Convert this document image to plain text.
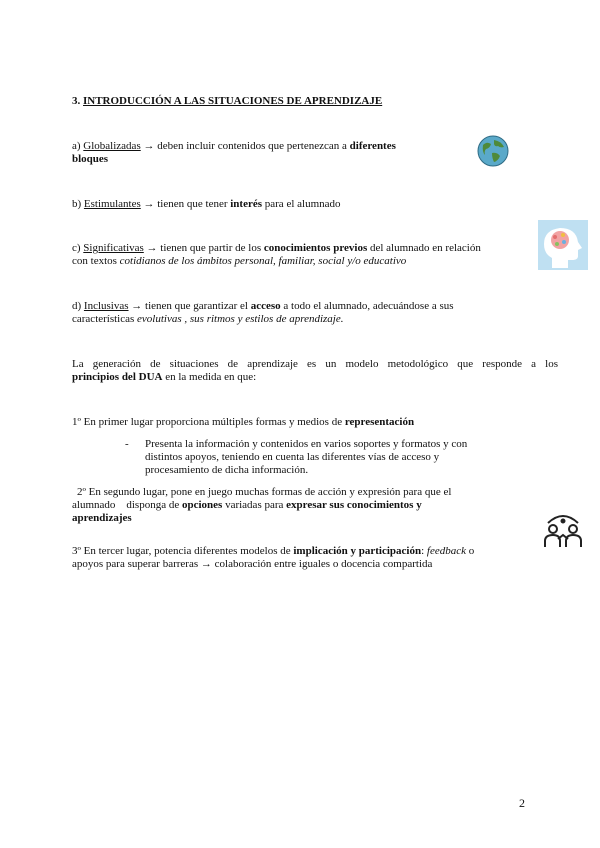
3. INTRODUCCIÓN A LAS SITUACIONES DE APRENDIZAJE
a) Globalizadas → deben incluir contenidos que pertenezcan a diferentes
bloques
b) Estimulantes → tienen que tener interés para el alumnado
c) Significativas → tienen que partir de los conocimientos previos del alumnado en relación
con textos cotidianos de los ámbitos personal, familiar, social y/o educativo
d) Inclusivas → tienen que garantizar el acceso a todo el alumnado, adecuándose a sus
características evolutivas , sus ritmos y estilos de aprendizaje.
La generación de situaciones de aprendizaje es un modelo metodológico que responde a los
principios del DUA en la medida en que:
1º En primer lugar proporciona múltiples formas y medios de representación
- Presenta la información y contenidos en varios soportes y formatos y con
distintos apoyos, teniendo en cuenta las diferentes vías de acceso y
procesamiento de dicha información.
2º En segundo lugar, pone en juego muchas formas de acción y expresión para que el
alumnado    disponga de opciones variadas para expresar sus conocimientos y
aprendizajes
3º En tercer lugar, potencia diferentes modelos de implicación y participación: feedback o
apoyos para superar barreras → colaboración entre iguales o docencia compartida
2
